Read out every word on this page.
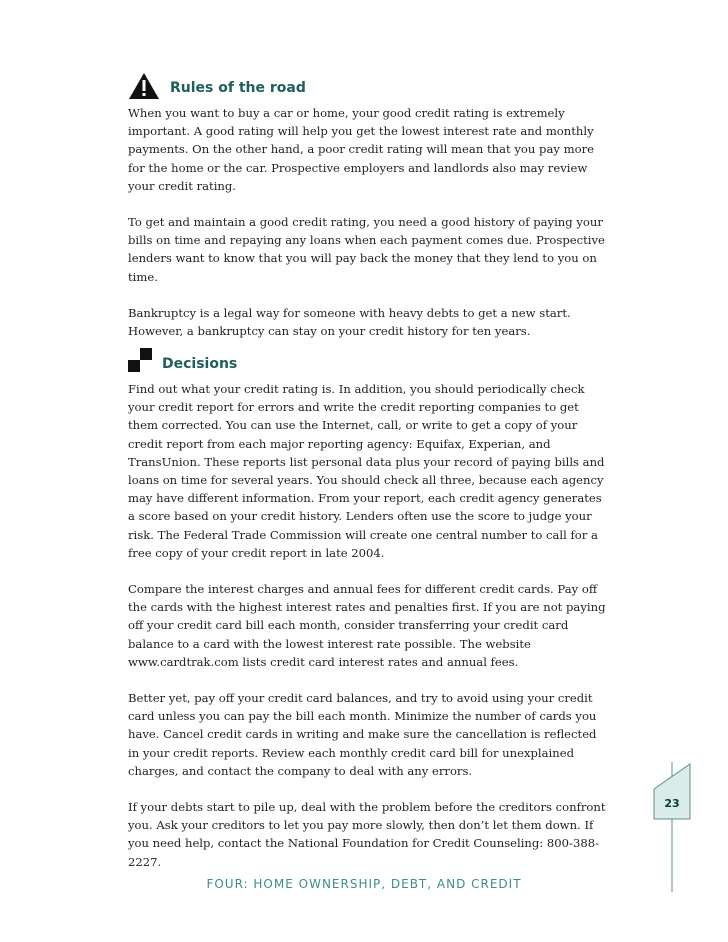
Rules of the road

When you want to buy a car or home, your good credit rating is extremely important. A good rating will help you get the lowest interest rate and monthly payments. On the other hand, a poor credit rating will mean that you pay more for the home or the car. Prospective employers and landlords also may review your credit rating.

To get and maintain a good credit rating, you need a good history of paying your bills on time and repaying any loans when each payment comes due. Prospective lenders want to know that you will pay back the money that they lend to you on time.

Bankruptcy is a legal way for someone with heavy debts to get a new start. However, a bankruptcy can stay on your credit history for ten years.

Decisions

Find out what your credit rating is. In addition, you should periodically check your credit report for errors and write the credit reporting companies to get them corrected. You can use the Internet, call, or write to get a copy of your credit report from each major reporting agency: Equifax, Experian, and TransUnion. These reports list personal data plus your record of paying bills and loans on time for several years. You should check all three, because each agency may have different information. From your report, each credit agency generates a score based on your credit history. Lenders often use the score to judge your risk. The Federal Trade Commission will create one central number to call for a free copy of your credit report in late 2004.

Compare the interest charges and annual fees for different credit cards. Pay off the cards with the highest interest rates and penalties first. If you are not paying off your credit card bill each month, consider transferring your credit card balance to a card with the lowest interest rate possible. The website www.cardtrak.com lists credit card interest rates and annual fees.

Better yet, pay off your credit card balances, and try to avoid using your credit card unless you can pay the bill each month. Minimize the number of cards you have. Cancel credit cards in writing and make sure the cancellation is reflected in your credit reports. Review each monthly credit card bill for unexplained charges, and contact the company to deal with any errors.

If your debts start to pile up, deal with the problem before the creditors confront you. Ask your creditors to let you pay more slowly, then don’t let them down. If you need help, contact the National Foundation for Credit Counseling: 800-388-2227.

23
FOUR: HOME OWNERSHIP, DEBT, AND CREDIT
